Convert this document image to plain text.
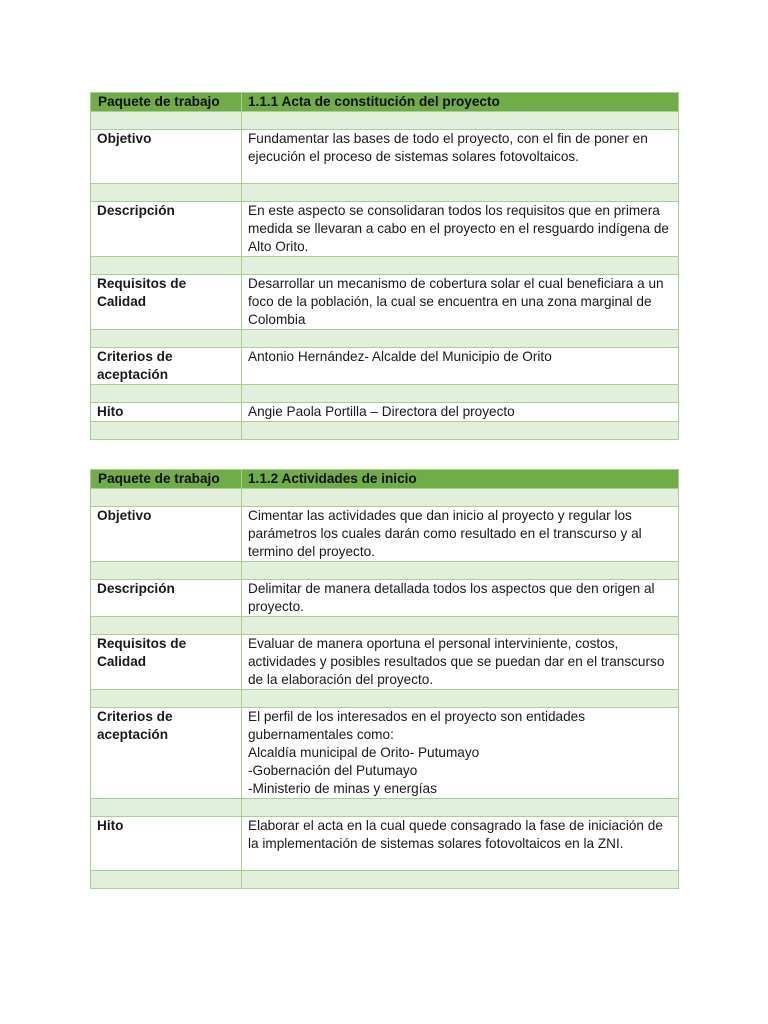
Paquete de trabajo	1.1.1 Acta de constitución del proyecto

Objetivo	Fundamentar las bases de todo el proyecto, con el fin de poner en ejecución el proceso de sistemas solares fotovoltaicos.

Descripción	En este aspecto se consolidaran todos los requisitos que en primera medida se llevaran a cabo en el proyecto en el resguardo indígena de Alto Orito.

Requisitos de Calidad	Desarrollar un mecanismo de cobertura solar el cual beneficiara a un foco de la población, la cual se encuentra en una zona marginal de Colombia

Criterios de aceptación	Antonio Hernández- Alcalde del Municipio de Orito

Hito	Angie Paola Portilla – Directora del proyecto

Paquete de trabajo	1.1.2 Actividades de inicio

Objetivo	Cimentar las actividades que dan inicio al proyecto y regular los parámetros los cuales darán como resultado en el transcurso y al termino del proyecto.

Descripción	Delimitar de manera detallada todos los aspectos que den origen al proyecto.

Requisitos de Calidad	Evaluar de manera oportuna el personal interviniente, costos, actividades y posibles resultados que se puedan dar en el transcurso de la elaboración del proyecto.

Criterios de aceptación	El perfil de los interesados en el proyecto son entidades gubernamentales como:
Alcaldía municipal de Orito- Putumayo
-Gobernación del Putumayo
-Ministerio de minas y energías

Hito	Elaborar el acta en la cual quede consagrado la fase de iniciación de la implementación de sistemas solares fotovoltaicos en la ZNI.
